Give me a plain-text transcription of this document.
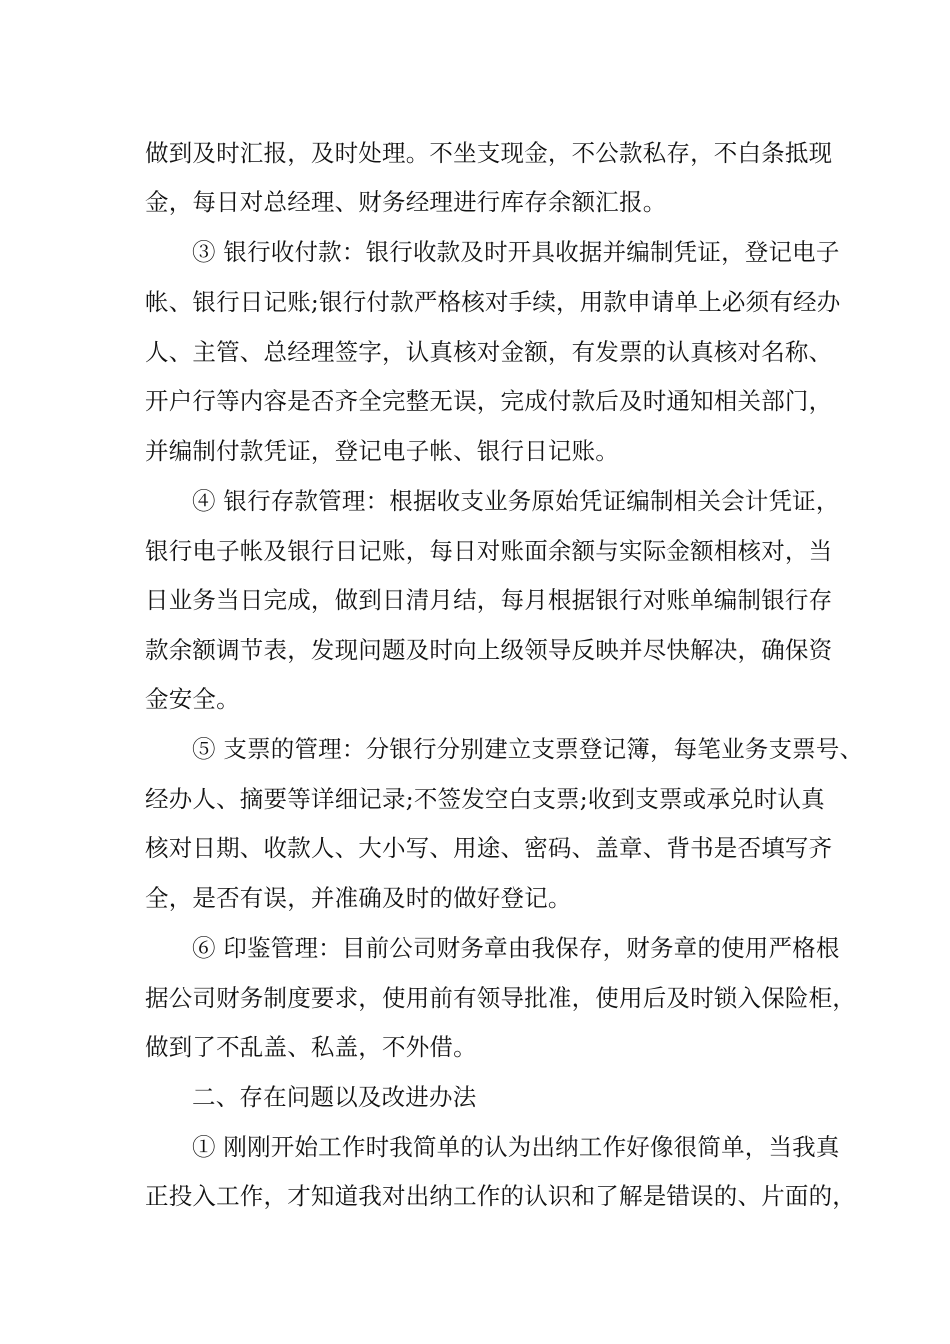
做到及时汇报，及时处理。不坐支现金，不公款私存，不白条抵现
金，每日对总经理、财务经理进行库存余额汇报。
③ 银行收付款：银行收款及时开具收据并编制凭证，登记电子
帐、银行日记账;银行付款严格核对手续，用款申请单上必须有经办
人、主管、总经理签字，认真核对金额，有发票的认真核对名称、
开户行等内容是否齐全完整无误，完成付款后及时通知相关部门，
并编制付款凭证，登记电子帐、银行日记账。
④ 银行存款管理：根据收支业务原始凭证编制相关会计凭证，
银行电子帐及银行日记账，每日对账面余额与实际金额相核对，当
日业务当日完成，做到日清月结，每月根据银行对账单编制银行存
款余额调节表，发现问题及时向上级领导反映并尽快解决，确保资
金安全。
⑤ 支票的管理：分银行分别建立支票登记簿，每笔业务支票号、
经办人、摘要等详细记录;不签发空白支票;收到支票或承兑时认真
核对日期、收款人、大小写、用途、密码、盖章、背书是否填写齐
全，是否有误，并准确及时的做好登记。
⑥ 印鉴管理：目前公司财务章由我保存，财务章的使用严格根
据公司财务制度要求，使用前有领导批准，使用后及时锁入保险柜，
做到了不乱盖、私盖，不外借。
二、存在问题以及改进办法
① 刚刚开始工作时我简单的认为出纳工作好像很简单，当我真
正投入工作，才知道我对出纳工作的认识和了解是错误的、片面的，
